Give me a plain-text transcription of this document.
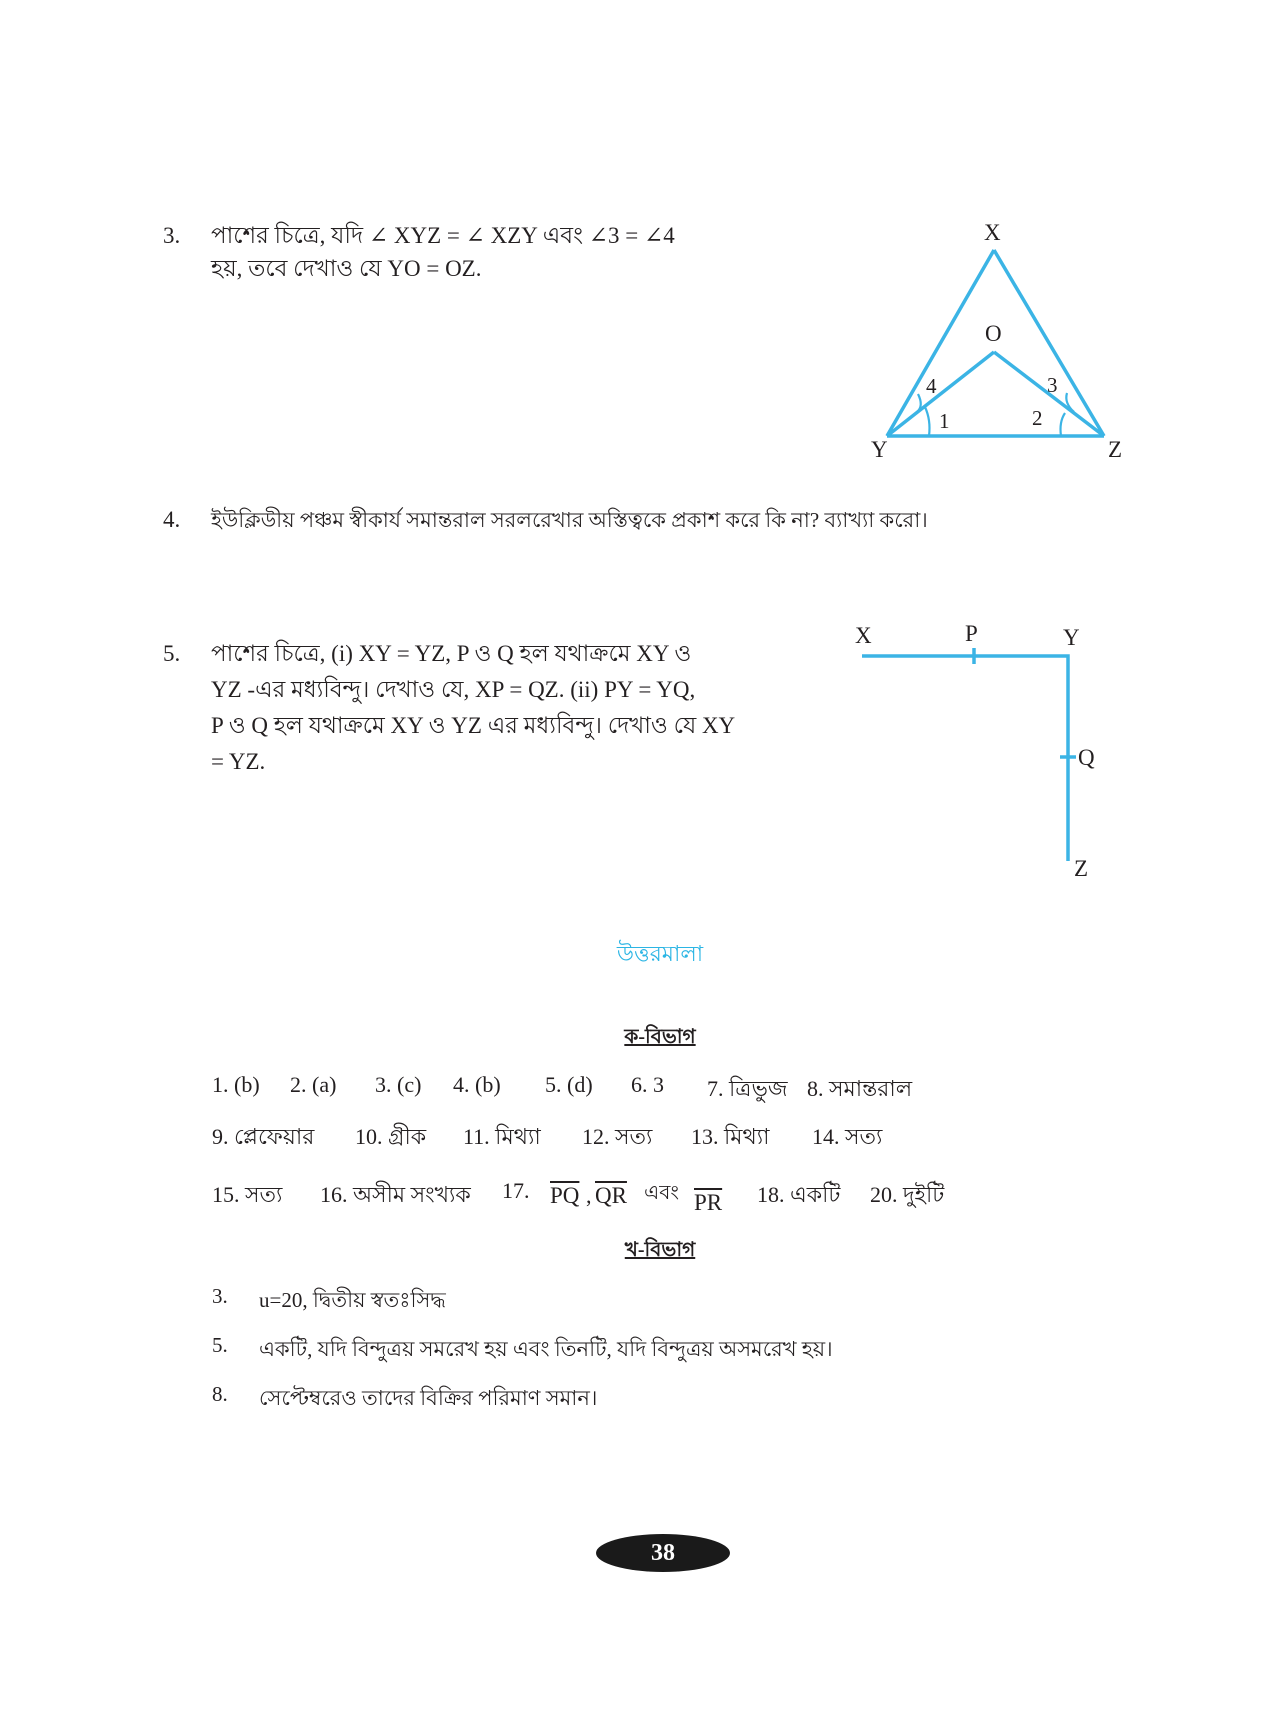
3.	পাশের চিত্রে, যদি ∠ XYZ = ∠ XZY এবং ∠3 = ∠4
হয়, তবে দেখাও যে YO = OZ.
X
O
Y	Z
4
1
3
2
4.	ইউক্লিডীয় পঞ্চম স্বীকার্য সমান্তরাল সরলরেখার অস্তিত্বকে প্রকাশ করে কি না? ব্যাখ্যা করো।
5.	পাশের চিত্রে, (i) XY = YZ, P ও Q হল যথাক্রমে XY ও
YZ -এর মধ্যবিন্দু। দেখাও যে, XP = QZ. (ii) PY = YQ,
P ও Q হল যথাক্রমে XY ও YZ এর মধ্যবিন্দু। দেখাও যে XY
= YZ.
X	P	Y
Q
Z
উত্তরমালা
ক-বিভাগ
1. (b) 2. (a) 3. (c) 4. (b) 5. (d) 6. 3 7. ত্রিভুজ 8. সমান্তরাল
9. প্লেফেয়ার 10. গ্রীক 11. মিথ্যা 12. সত্য 13. মিথ্যা 14. সত্য
15. সত্য 16. অসীম সংখ্যক 17. $\overline{PQ}$ , $\overline{QR}$ এবং $\overline{PR}$ 18. একটি 20. দুইটি
খ-বিভাগ
3. u=20, দ্বিতীয় স্বতঃসিদ্ধ
5. একটি, যদি বিন্দুত্রয় সমরেখ হয় এবং তিনটি, যদি বিন্দুত্রয় অসমরেখ হয়।
8. সেপ্টেম্বরেও তাদের বিক্রির পরিমাণ সমান।
38
